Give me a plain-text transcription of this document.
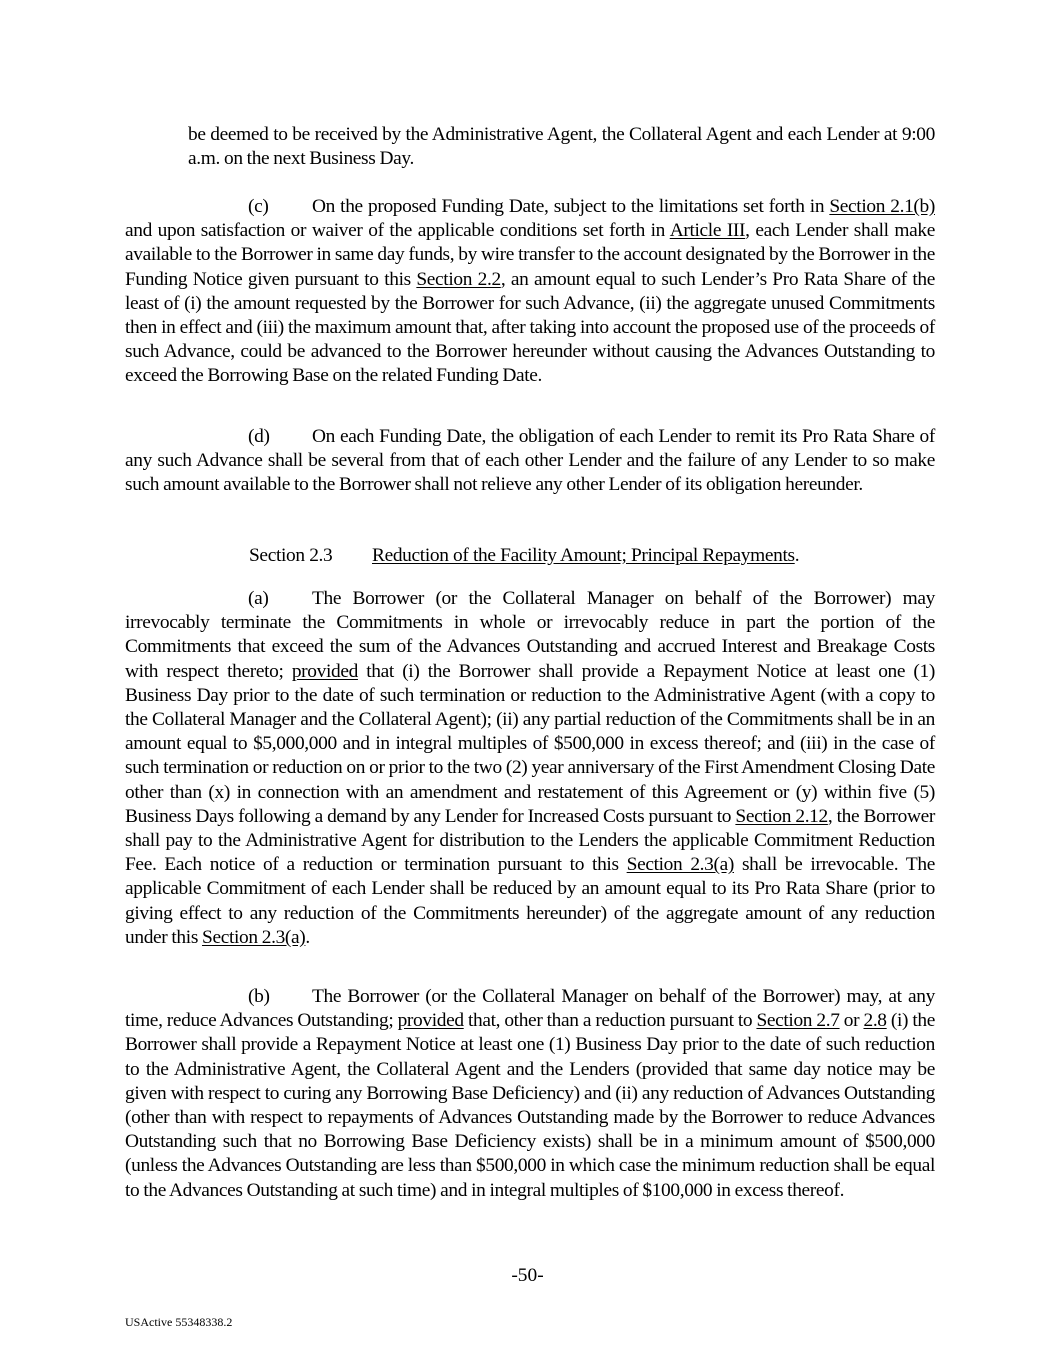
be deemed to be received by the Administrative Agent, the Collateral Agent and each Lender at 9:00 a.m. on the next Business Day.

(c) On the proposed Funding Date, subject to the limitations set forth in Section 2.1(b) and upon satisfaction or waiver of the applicable conditions set forth in Article III, each Lender shall make available to the Borrower in same day funds, by wire transfer to the account designated by the Borrower in the Funding Notice given pursuant to this Section 2.2, an amount equal to such Lender’s Pro Rata Share of the least of (i) the amount requested by the Borrower for such Advance, (ii) the aggregate unused Commitments then in effect and (iii) the maximum amount that, after taking into account the proposed use of the proceeds of such Advance, could be advanced to the Borrower hereunder without causing the Advances Outstanding to exceed the Borrowing Base on the related Funding Date.

(d) On each Funding Date, the obligation of each Lender to remit its Pro Rata Share of any such Advance shall be several from that of each other Lender and the failure of any Lender to so make such amount available to the Borrower shall not relieve any other Lender of its obligation hereunder.

Section 2.3 Reduction of the Facility Amount; Principal Repayments.

(a) The Borrower (or the Collateral Manager on behalf of the Borrower) may irrevocably terminate the Commitments in whole or irrevocably reduce in part the portion of the Commitments that exceed the sum of the Advances Outstanding and accrued Interest and Breakage Costs with respect thereto; provided that (i) the Borrower shall provide a Repayment Notice at least one (1) Business Day prior to the date of such termination or reduction to the Administrative Agent (with a copy to the Collateral Manager and the Collateral Agent); (ii) any partial reduction of the Commitments shall be in an amount equal to $5,000,000 and in integral multiples of $500,000 in excess thereof; and (iii) in the case of such termination or reduction on or prior to the two (2) year anniversary of the First Amendment Closing Date other than (x) in connection with an amendment and restatement of this Agreement or (y) within five (5) Business Days following a demand by any Lender for Increased Costs pursuant to Section 2.12, the Borrower shall pay to the Administrative Agent for distribution to the Lenders the applicable Commitment Reduction Fee. Each notice of a reduction or termination pursuant to this Section 2.3(a) shall be irrevocable. The applicable Commitment of each Lender shall be reduced by an amount equal to its Pro Rata Share (prior to giving effect to any reduction of the Commitments hereunder) of the aggregate amount of any reduction under this Section 2.3(a).

(b) The Borrower (or the Collateral Manager on behalf of the Borrower) may, at any time, reduce Advances Outstanding; provided that, other than a reduction pursuant to Section 2.7 or 2.8 (i) the Borrower shall provide a Repayment Notice at least one (1) Business Day prior to the date of such reduction to the Administrative Agent, the Collateral Agent and the Lenders (provided that same day notice may be given with respect to curing any Borrowing Base Deficiency) and (ii) any reduction of Advances Outstanding (other than with respect to repayments of Advances Outstanding made by the Borrower to reduce Advances Outstanding such that no Borrowing Base Deficiency exists) shall be in a minimum amount of $500,000 (unless the Advances Outstanding are less than $500,000 in which case the minimum reduction shall be equal to the Advances Outstanding at such time) and in integral multiples of $100,000 in excess thereof.

-50-
USActive 55348338.2
